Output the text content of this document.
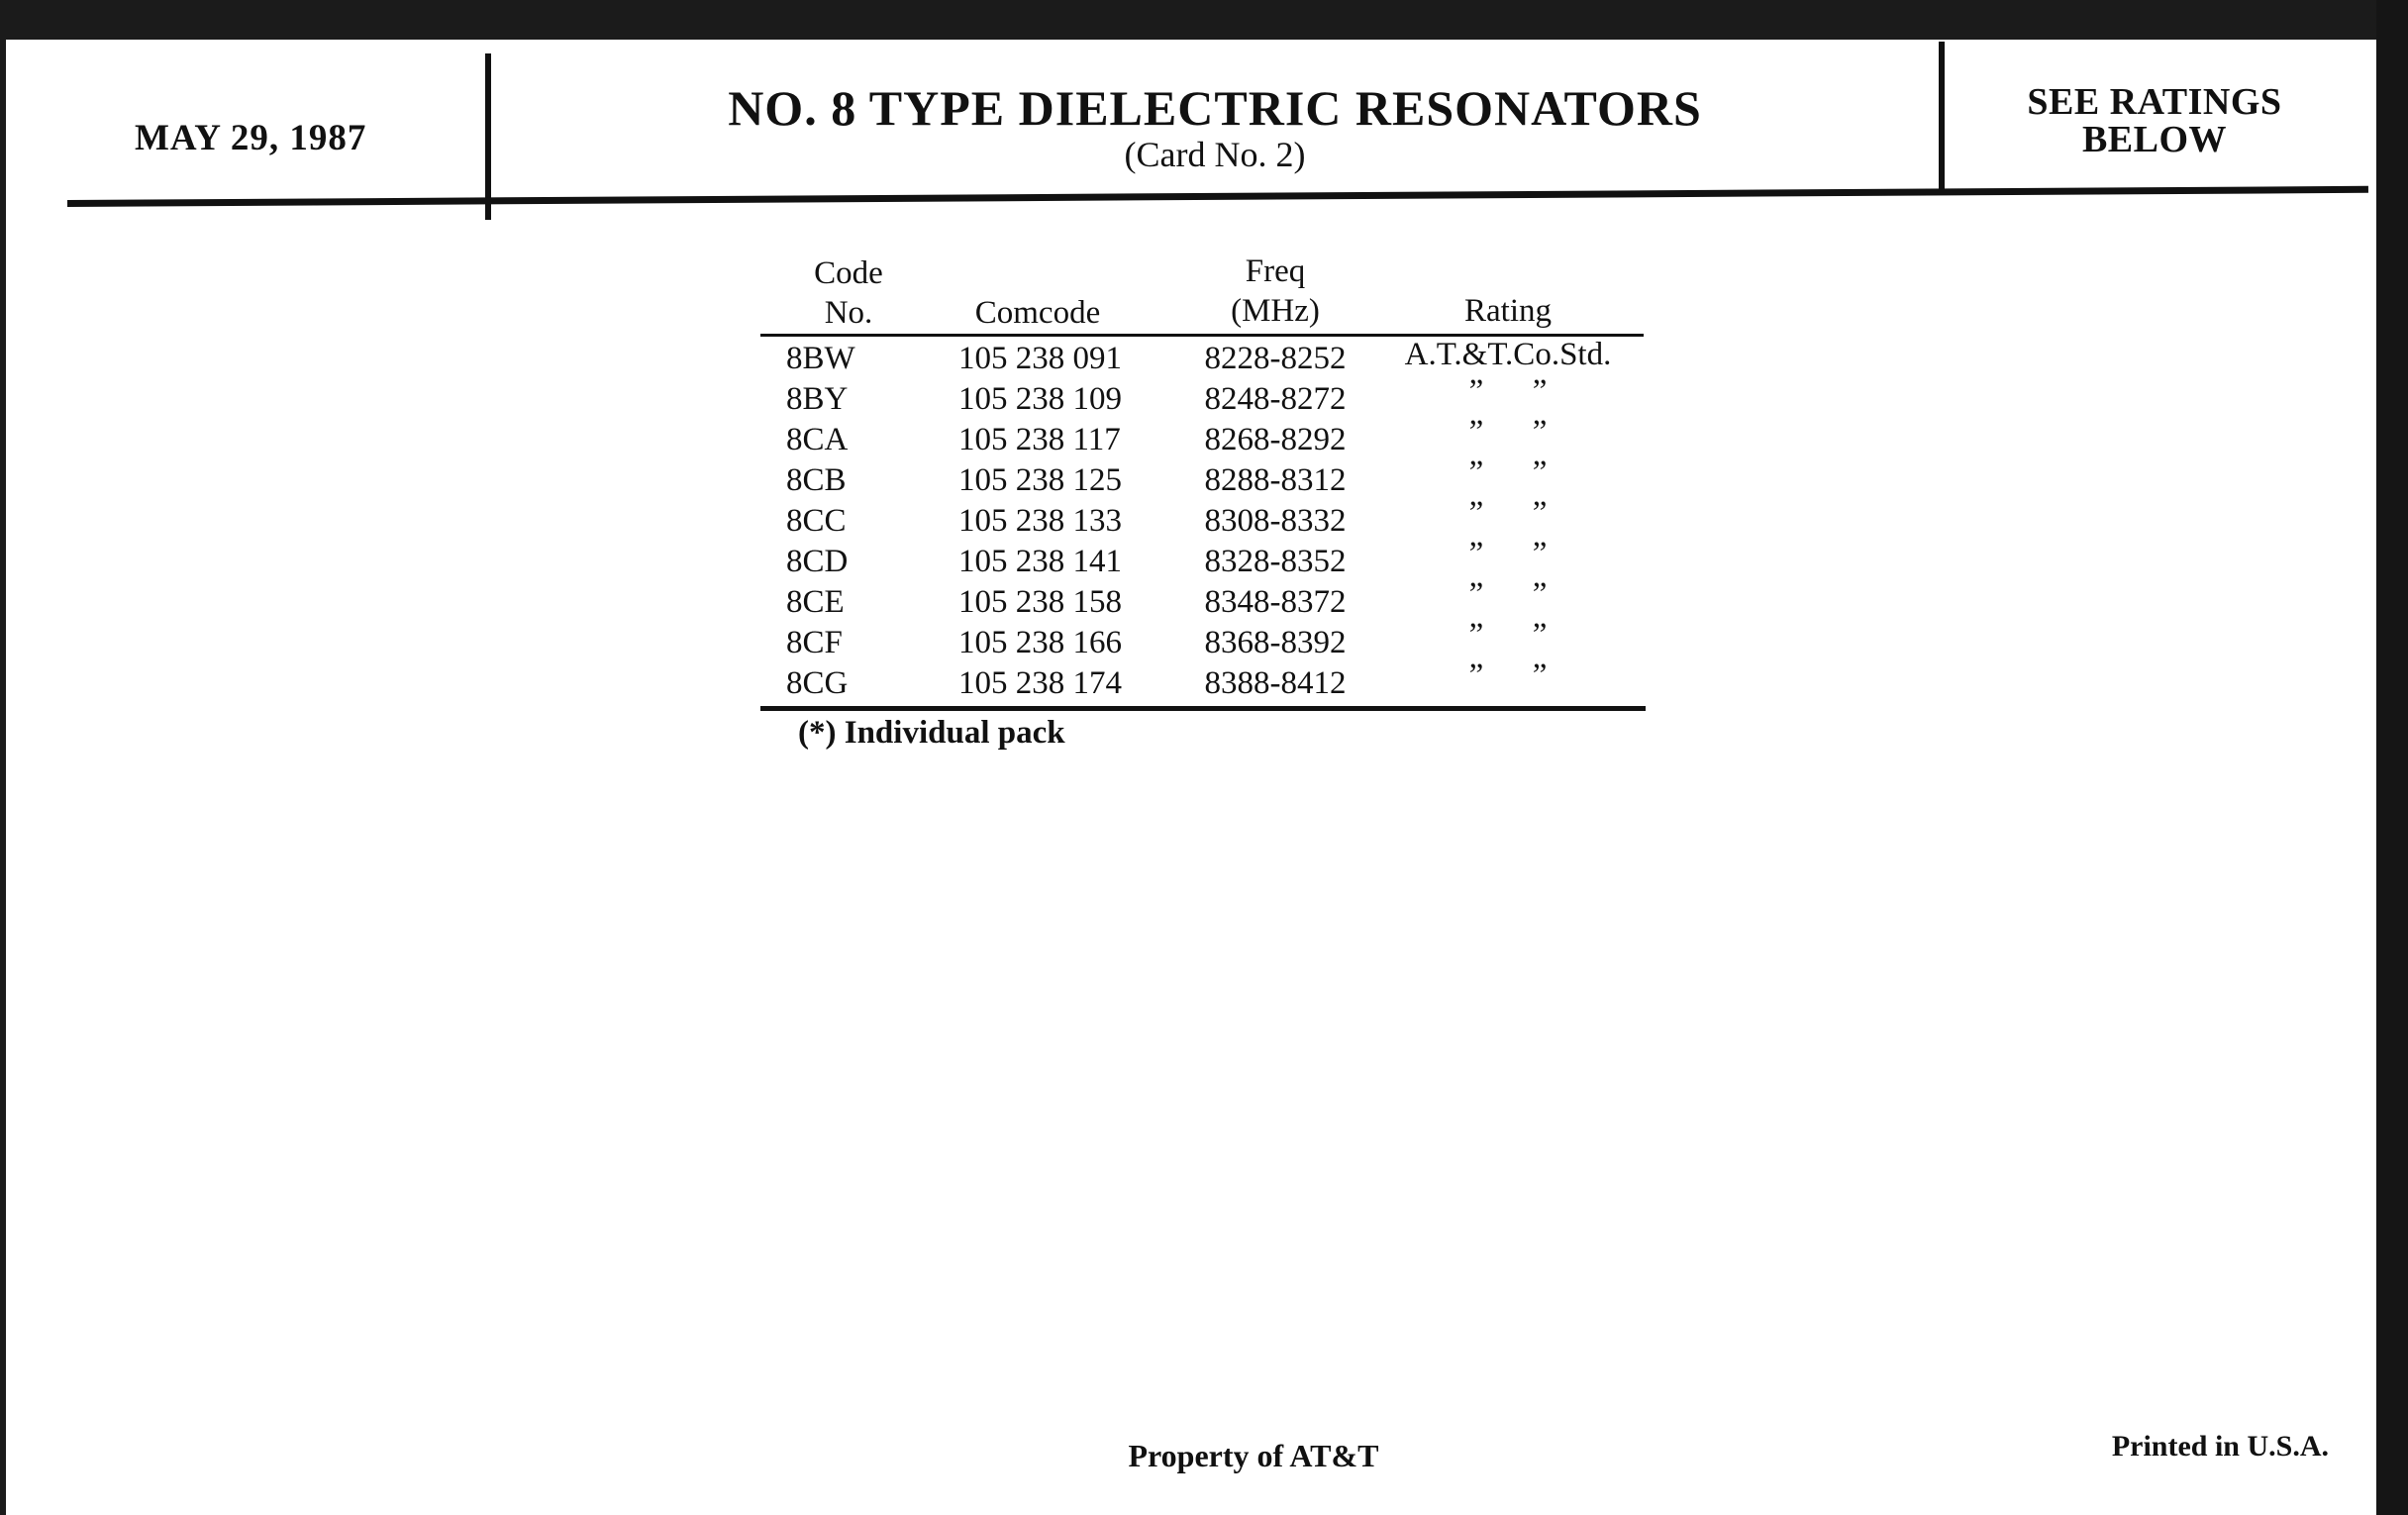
MAY 29, 1987
NO. 8 TYPE DIELECTRIC RESONATORS
(Card No. 2)
SEE RATINGS
BELOW
Code
No.	Comcode
Freq
(MHz)	Rating
8BW	105 238 091	8228-8252	A.T.&T.Co.Std.
8BY	105 238 109	8248-8272	”      ”
8CA	105 238 117	8268-8292	”      ”
8CB	105 238 125	8288-8312	”      ”
8CC	105 238 133	8308-8332	”      ”
8CD	105 238 141	8328-8352	”      ”
8CE	105 238 158	8348-8372	”      ”
8CF	105 238 166	8368-8392	”      ”
8CG	105 238 174	8388-8412	”      ”
(*) Individual pack
Property of AT&T	Printed in U.S.A.
